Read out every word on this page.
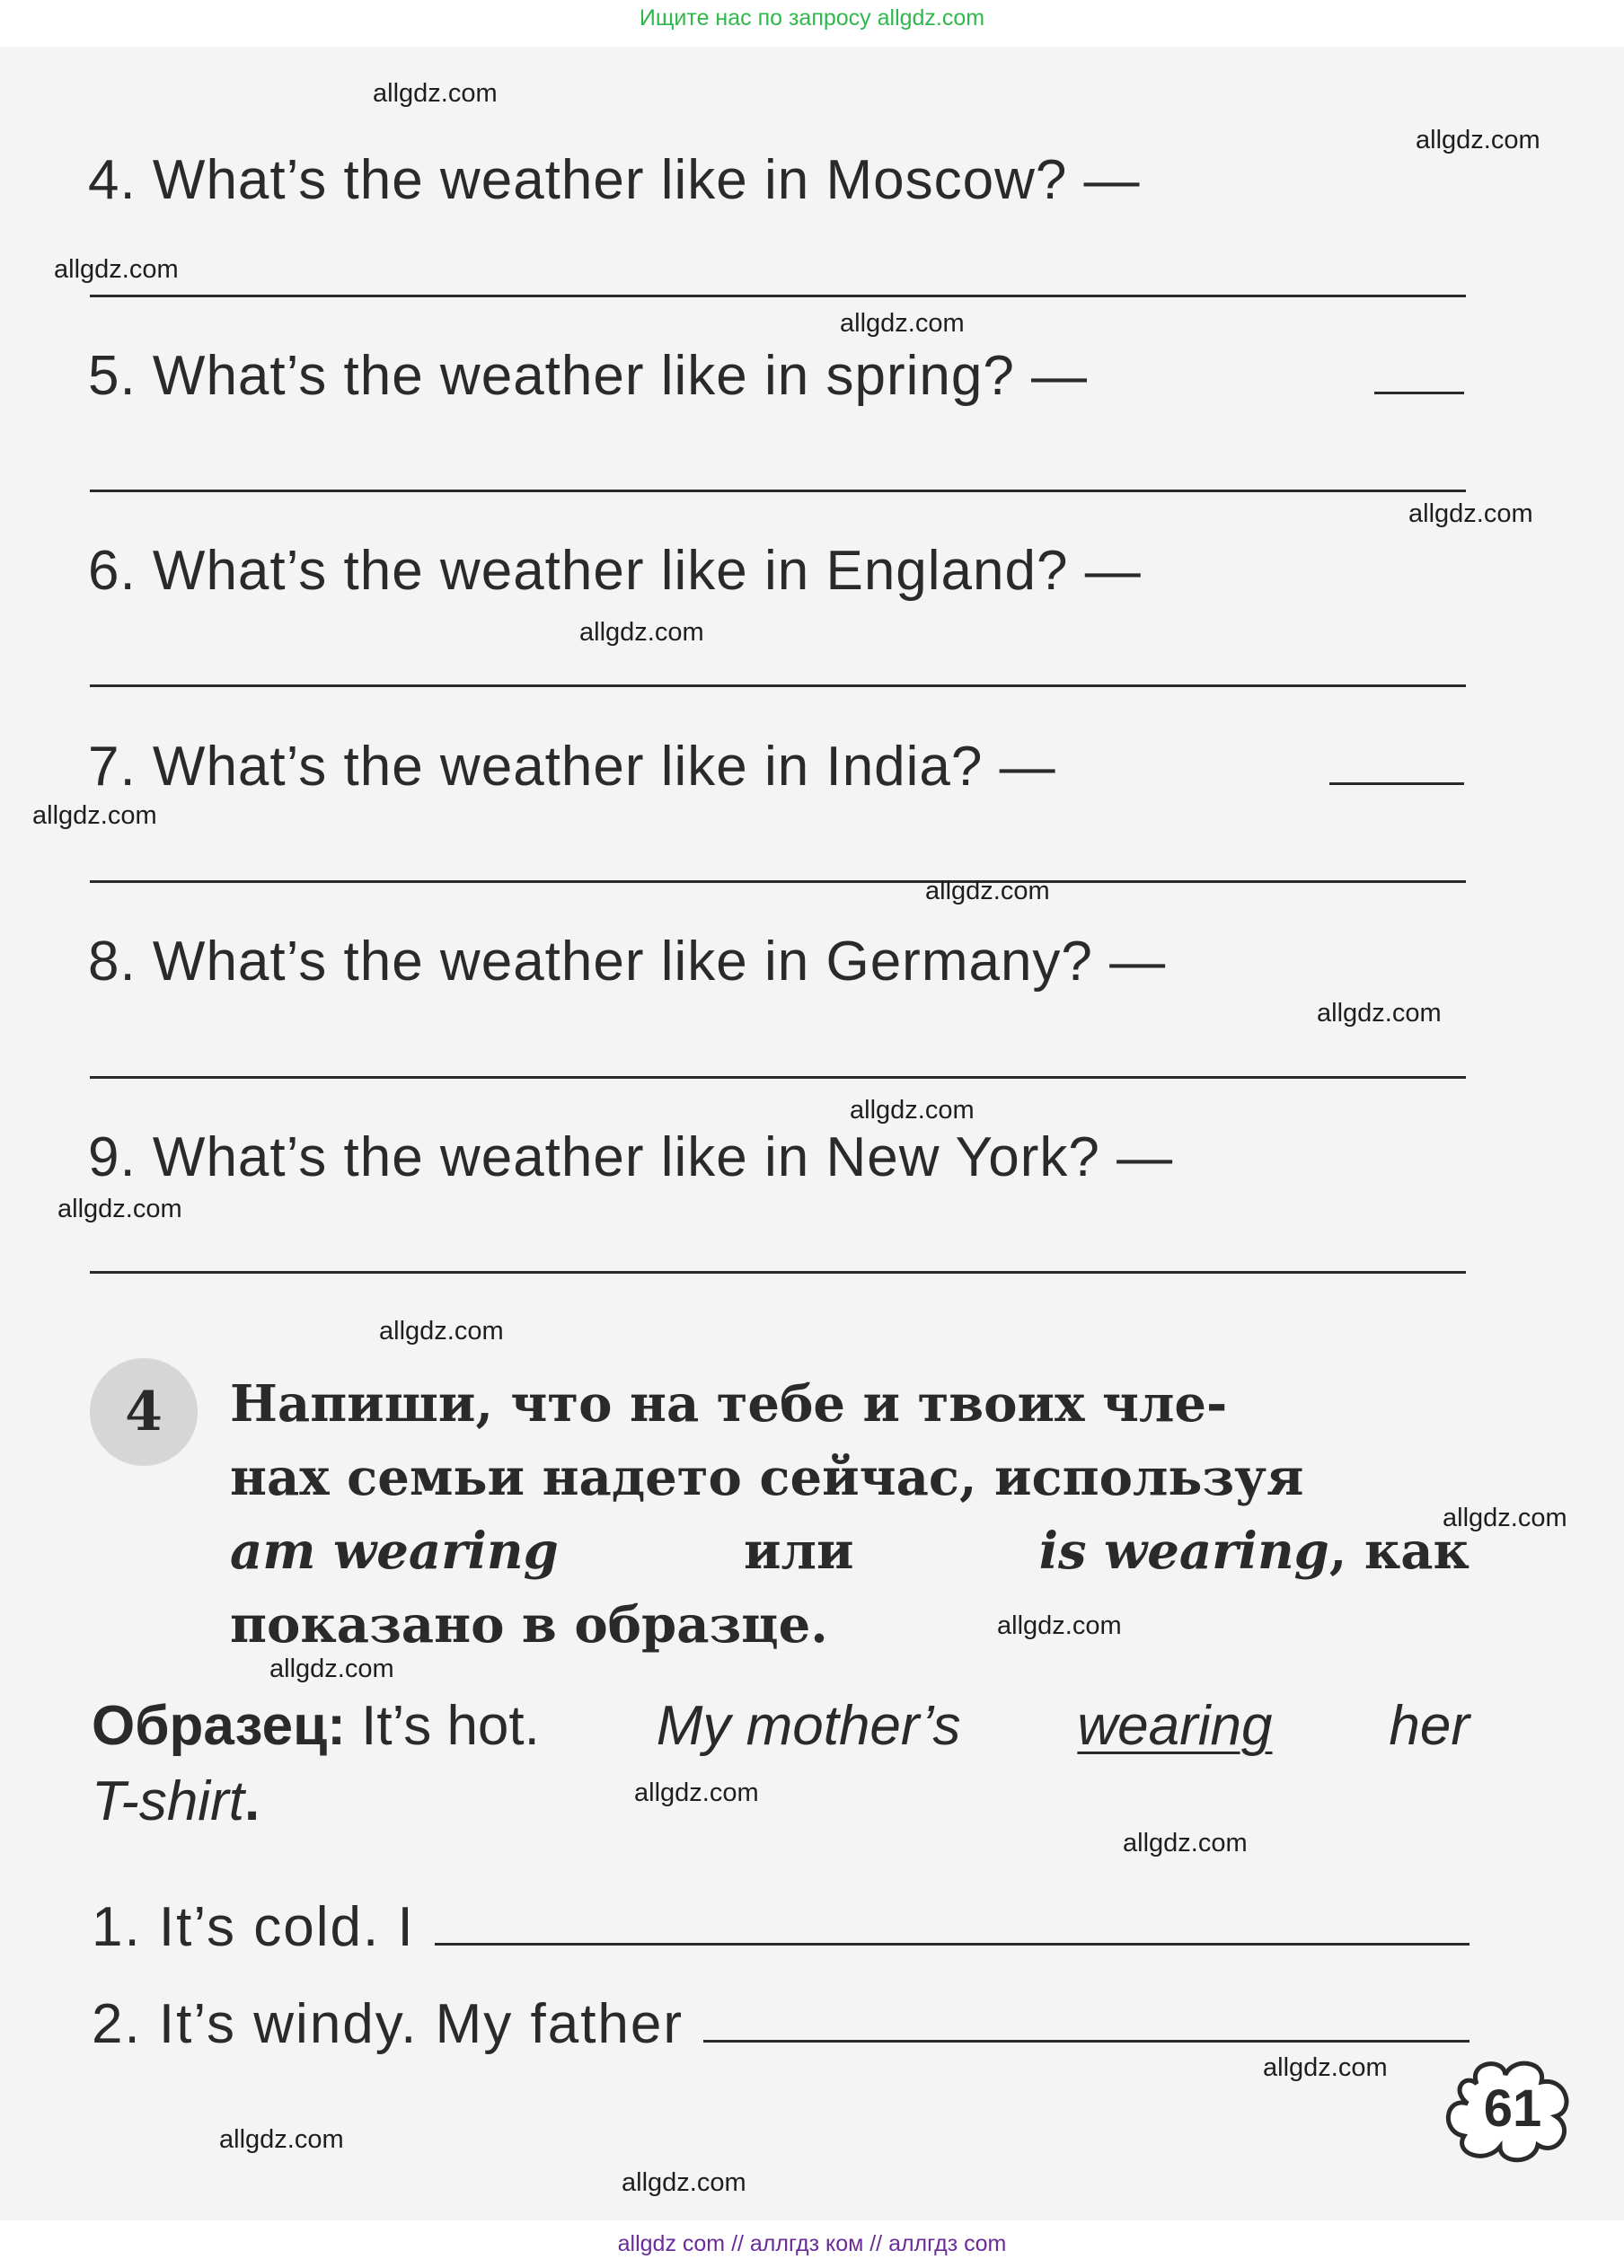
Ищите нас по запросу allgdz.com
4. What’s the weather like in Moscow? —
5. What’s the weather like in spring? —
6. What’s the weather like in England? —
7. What’s the weather like in India? —
8. What’s the weather like in Germany? —
9. What’s the weather like in New York? —
4	Напиши, что на тебе и твоих чле-
нах семьи надето сейчас, используя
am wearing	или	is wearing, как
показано в образце.
Образец: It’s hot. My mother’s wearing her
T-shirt.
1. It’s cold. I
2. It’s windy. My father
61
allgdz.com
allgdz.com
allgdz.com
allgdz.com
allgdz.com
allgdz.com
allgdz.com
allgdz.com
allgdz.com
allgdz.com
allgdz.com
allgdz.com
allgdz.com
allgdz.com
allgdz.com
allgdz.com
allgdz.com
allgdz.com
allgdz.com
allgdz.com
allgdz com // аллгдз ком // аллгдз com
